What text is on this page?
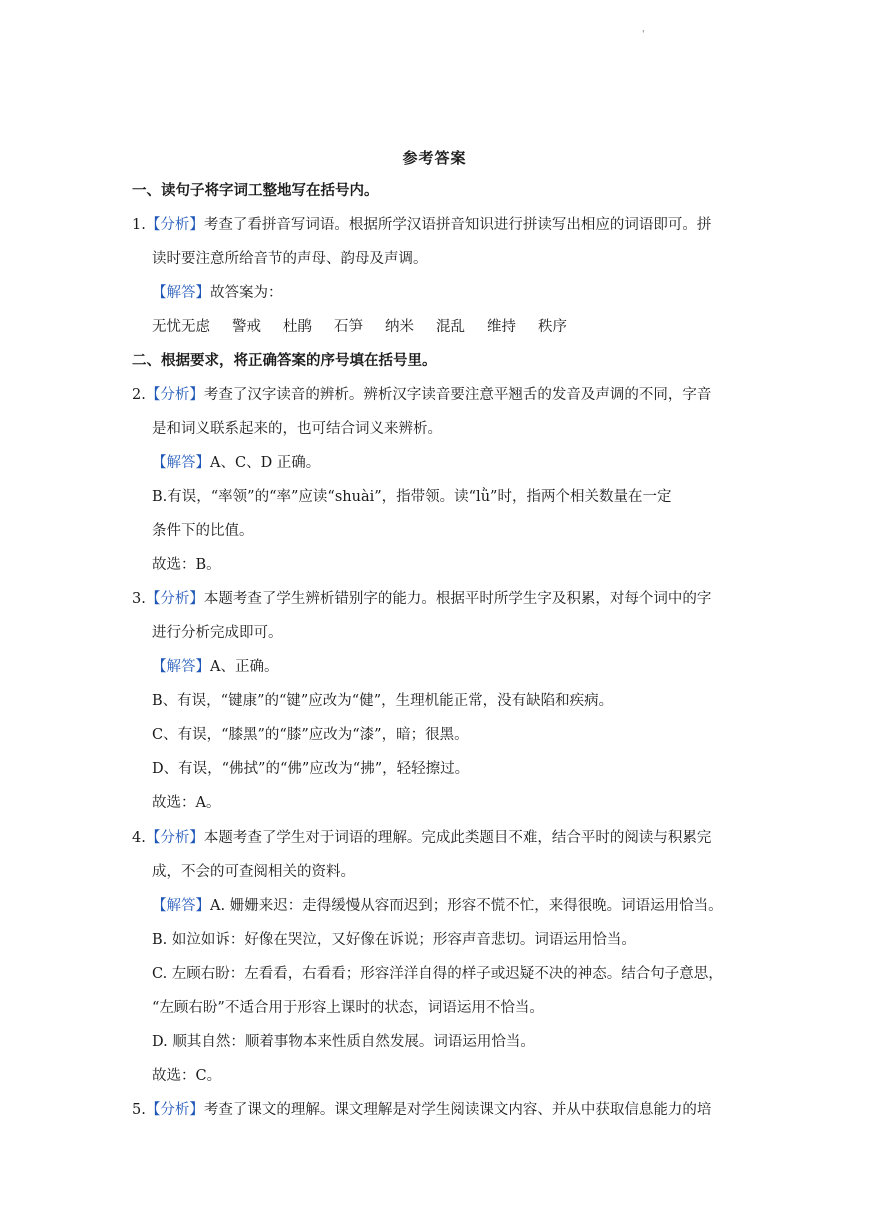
'
参考答案
一、读句子将字词工整地写在括号内。
1.【分析】考查了看拼音写词语。根据所学汉语拼音知识进行拼读写出相应的词语即可。拼
读时要注意所给音节的声母、韵母及声调。
【解答】故答案为：
无忧无虑 警戒 杜鹃 石笋 纳米 混乱 维持 秩序
二、根据要求，将正确答案的序号填在括号里。
2.【分析】考查了汉字读音的辨析。辨析汉字读音要注意平翘舌的发音及声调的不同，字音
是和词义联系起来的，也可结合词义来辨析。
【解答】A、C、D 正确。
B.有误，“率领”的“率”应读“shuài”，指带领。读“lǜ”时，指两个相关数量在一定
条件下的比值。
故选：B。
3.【分析】本题考查了学生辨析错别字的能力。根据平时所学生字及积累，对每个词中的字
进行分析完成即可。
【解答】A、正确。
B、有误，“键康”的“键”应改为“健”，生理机能正常，没有缺陷和疾病。
C、有误，“膝黑”的“膝”应改为“漆”，暗；很黑。
D、有误，“佛拭”的“佛”应改为“拂”，轻轻擦过。
故选：A。
4.【分析】本题考查了学生对于词语的理解。完成此类题目不难，结合平时的阅读与积累完
成，不会的可查阅相关的资料。
【解答】A. 姗姗来迟：走得缓慢从容而迟到；形容不慌不忙，来得很晚。词语运用恰当。
B. 如泣如诉：好像在哭泣，又好像在诉说；形容声音悲切。词语运用恰当。
C. 左顾右盼：左看看，右看看；形容洋洋自得的样子或迟疑不决的神态。结合句子意思，
“左顾右盼”不适合用于形容上课时的状态，词语运用不恰当。
D. 顺其自然：顺着事物本来性质自然发展。词语运用恰当。
故选：C。
5.【分析】考查了课文的理解。课文理解是对学生阅读课文内容、并从中获取信息能力的培
